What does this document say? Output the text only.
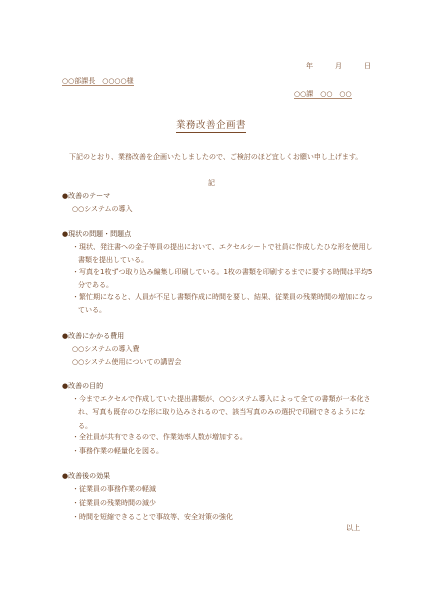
年	月	日
○○部課長　○○○○様
○○課　○○　○○
業務改善企画書
下記のとおり、業務改善を企画いたしましたので、ご検討のほど宜しくお願い申し上げます。
記
●改善のテーマ
○○システムの導入
●現状の問題・問題点
・現状、発注書への金子等員の提出において、エクセルシートで社員に作成したひな形を使用し書類を提出している。
・写真を1枚ずつ取り込み編集し印刷している。1枚の書類を印刷するまでに要する時間は平均5分である。
・繁忙期になると、人員が不足し書類作成に時間を要し、結果、従業員の残業時間の増加になっている。
●改善にかかる費用
○○システムの導入費
○○システム使用についての講習会
●改善の目的
・今までエクセルで作成していた提出書類が、○○システム導入によって全ての書類が一本化され、写真も既存のひな形に取り込みされるので、該当写真のみの選択で印刷できるようになる。
・全社員が共有できるので、作業効率人数が増加する。
・事務作業の軽量化を図る。
●改善後の効果
・従業員の事務作業の軽減
・従業員の残業時間の減少
・時間を短縮できることで事故等、安全対策の強化
以上
